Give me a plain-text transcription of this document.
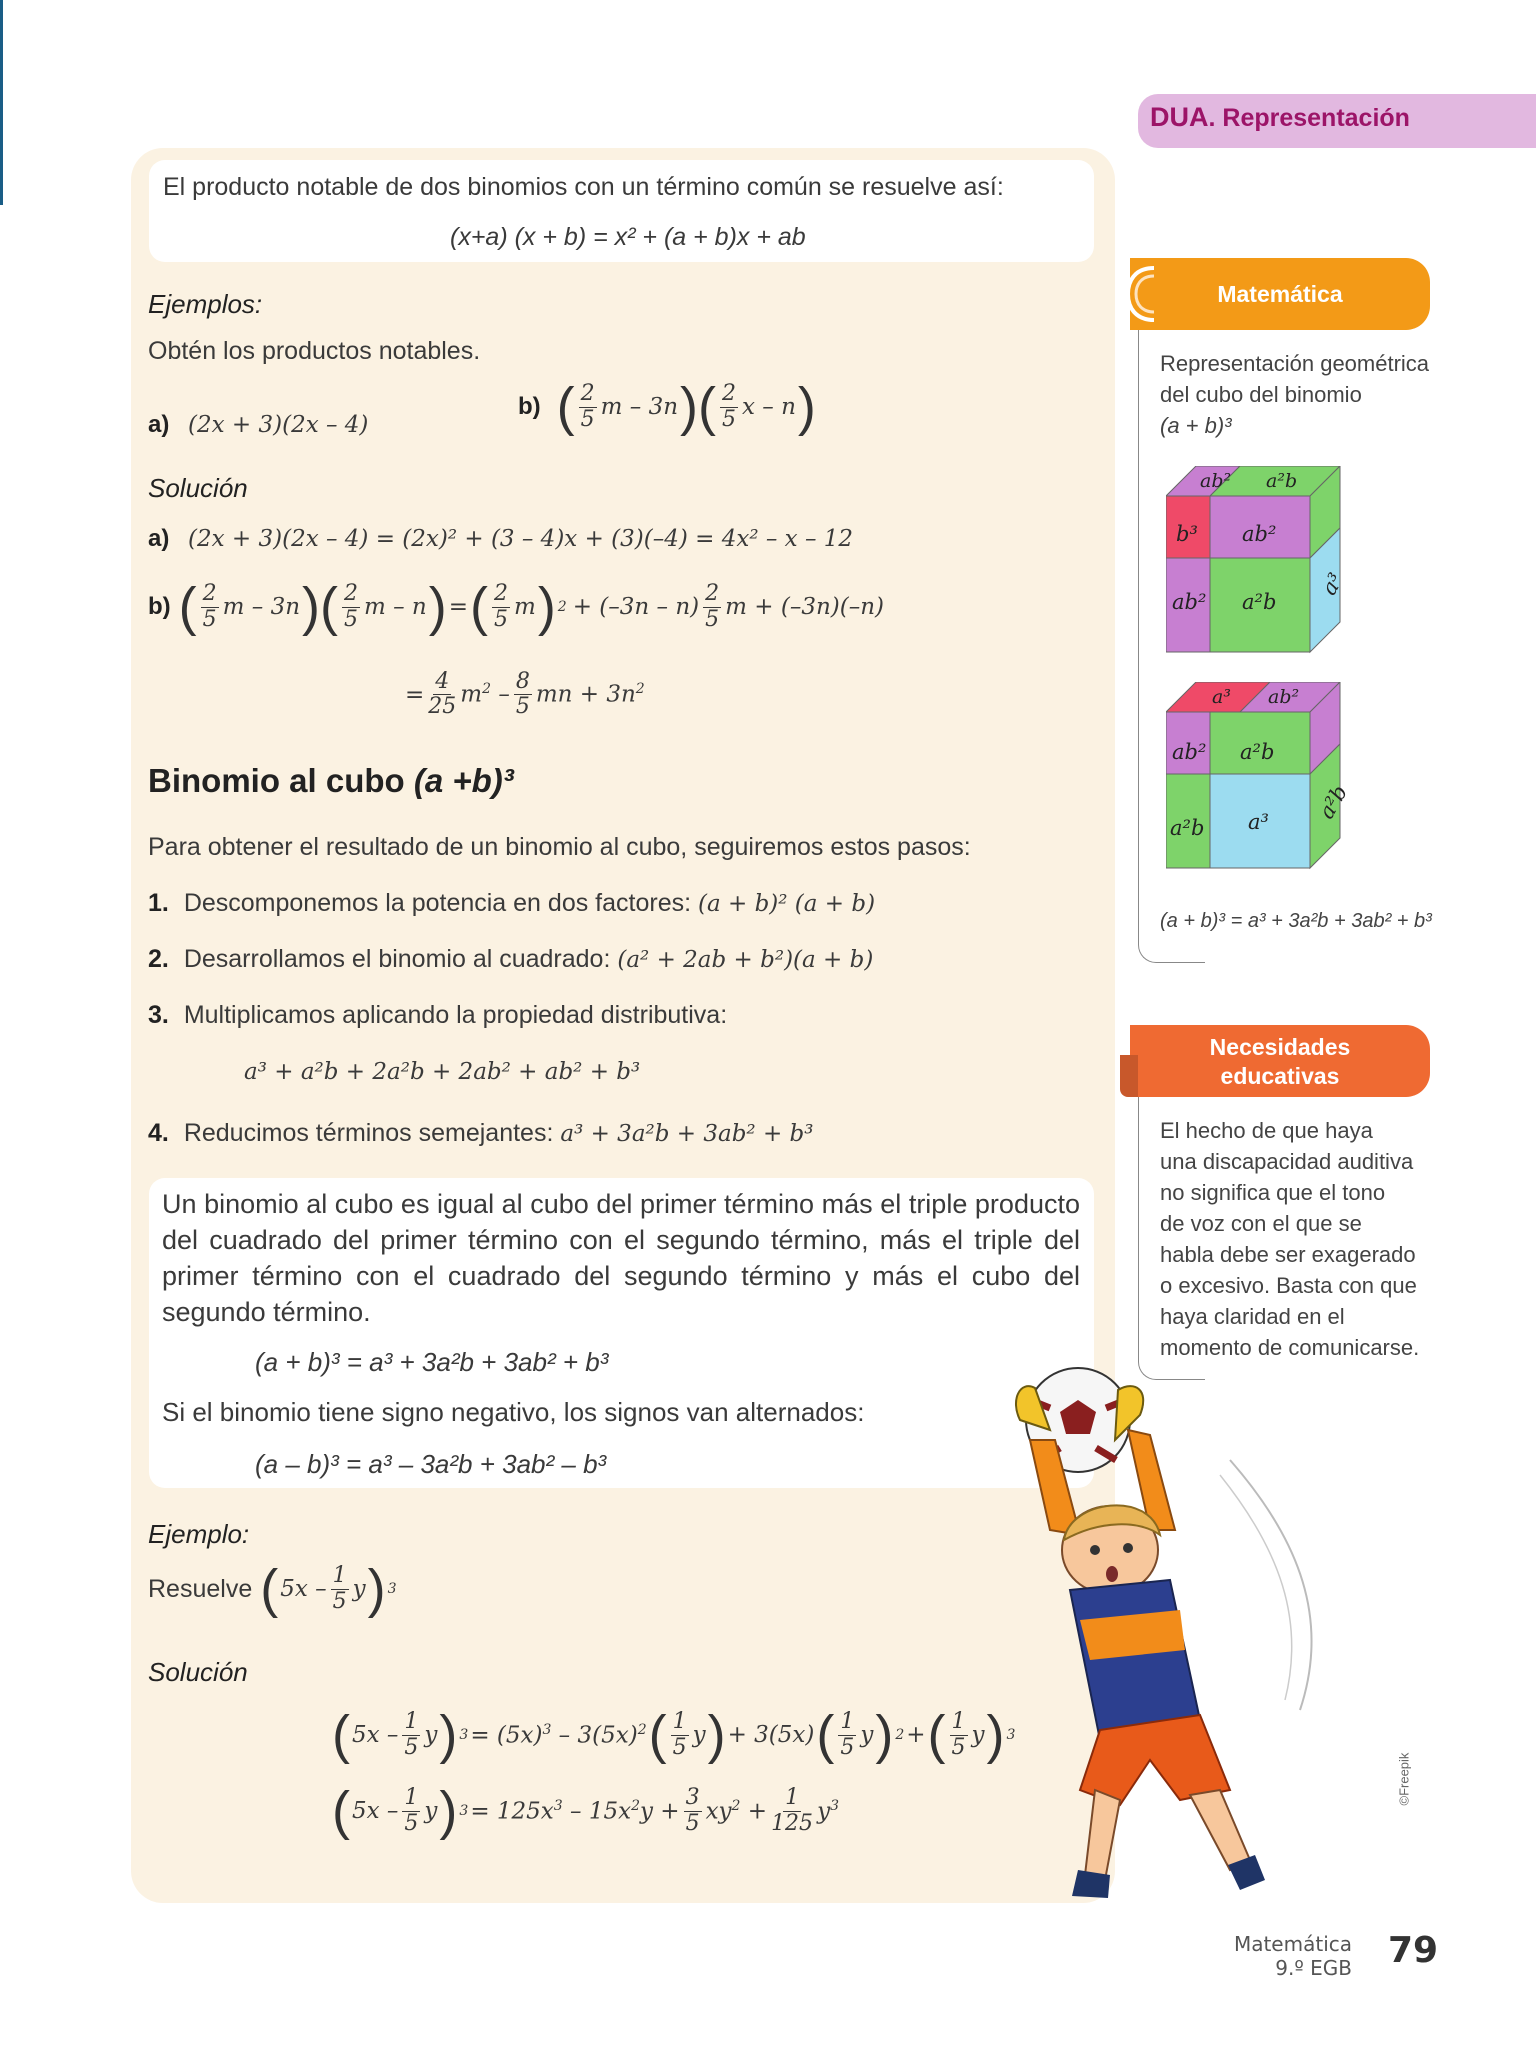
El producto notable de dos binomios con un término común se resuelve así:
(x+a) (x + b) = x² + (a + b)x + ab
Ejemplos:
Obtén los productos notables.
a) (2x + 3)(2x – 4)
b) ( $\frac{2}{5}$ m – 3n )( $\frac{2}{5}$ x – n )
Solución
a) (2x + 3)(2x – 4) = (2x)² + (3 – 4)x + (3)(–4) = 4x² – x – 12
b) ( $\frac{2}{5}$ m – 3n )( $\frac{2}{5}$ m – n ) = ( $\frac{2}{5}$ m ) $2 + (-3n - n) \frac{2}{5}$ m + (–3n)(–n)
= $\frac{4}{25} m^2 - \frac{8}{5}$ mn + $3n^2$
Binomio al cubo (a +b)³
Para obtener el resultado de un binomio al cubo, seguiremos estos pasos:
1. Descomponemos la potencia en dos factores: (a + b)² (a + b)
2. Desarrollamos el binomio al cuadrado: (a² + 2ab + b²)(a + b)
3. Multiplicamos aplicando la propiedad distributiva:
a³ + a²b + 2a²b + 2ab² + ab² + b³
4. Reducimos términos semejantes: a³ + 3a²b + 3ab² + b³
Un binomio al cubo es igual al cubo del primer término más el triple producto del cuadrado del primer término con el segundo término, más el triple del primer término con el cuadrado del segundo término y más el cubo del segundo término.
(a + b)³ = a³ + 3a²b + 3ab² + b³
Si el binomio tiene signo negativo, los signos van alternados:
(a – b)³ = a³ – 3a²b + 3ab² – b³
Ejemplo:
Resuelve ( $5x - \frac{1}{5}$ y ) 3
Solución
( $5x - \frac{1}{5}$ y ) $3 = (5x)^3 - 3(5x)^2$ ( $\frac{1}{5}$ y ) + 3(5x) ( $\frac{1}{5}$ y ) 2 + ( $\frac{1}{5}$ y ) 3
( $5x - \frac{1}{5}$ y ) $3 = 125x^3 - 15x^2y + \frac{3}{5} xy^2 + \frac{1}{125} y^3$
DUA. Representación
Matemática
Representación geométrica
del cubo del binomio
(a + b)³
ab² a²b
b³ ab²
ab² a²b
a³
a³ ab²
ab² a²b
a²b a³ a²b
(a + b)³ = a³ + 3a²b + 3ab² + b³
Necesidades
educativas
El hecho de que haya
una discapacidad auditiva
no significa que el tono
de voz con el que se
habla debe ser exagerado
o excesivo. Basta con que
haya claridad en el
momento de comunicarse.
©Freepik
Matemática
9.º EGB 79
